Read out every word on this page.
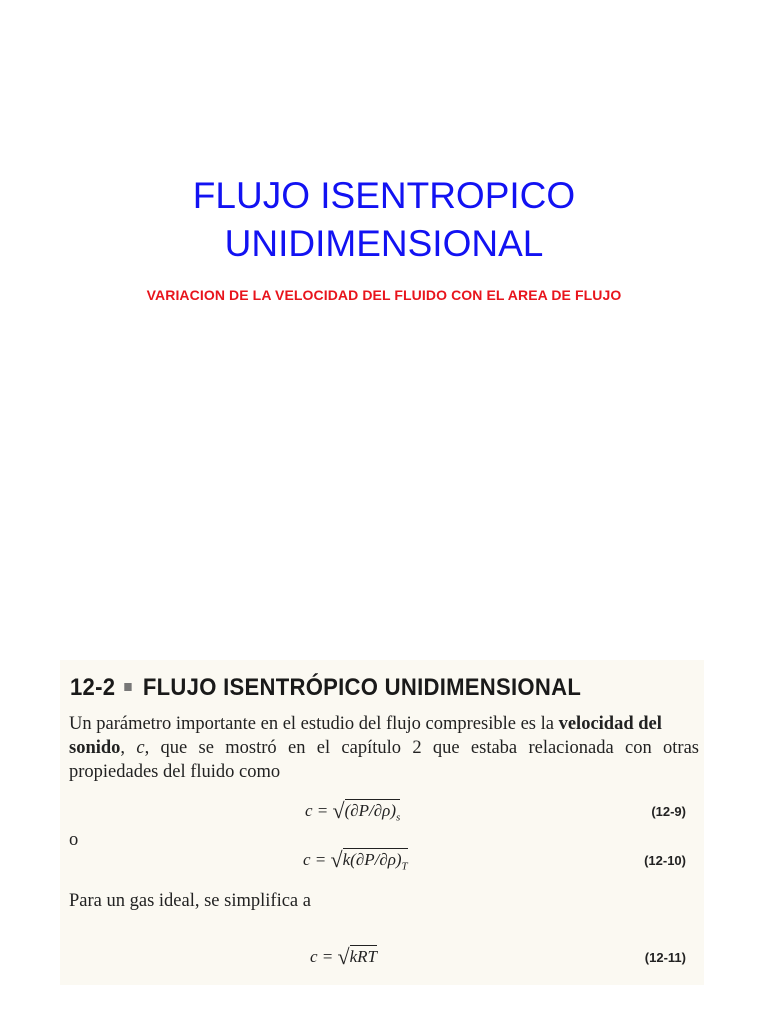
FLUJO ISENTROPICO
UNIDIMENSIONAL
VARIACION DE LA VELOCIDAD DEL FLUIDO CON EL AREA DE FLUJO
12-2 FLUJO ISENTRÓPICO UNIDIMENSIONAL

Un parámetro importante en el estudio del flujo compresible es la velocidad del
sonido, c, que se mostró en el capítulo 2 que estaba relacionada con otras propiedades del fluido como

$c = √(\partial P/\partial\rho)_s$	(12-9)

o

$c = √k(\partial P/\partial\rho)_T$	(12-10)

Para un gas ideal, se simplifica a

c = √kRT	(12-11)
